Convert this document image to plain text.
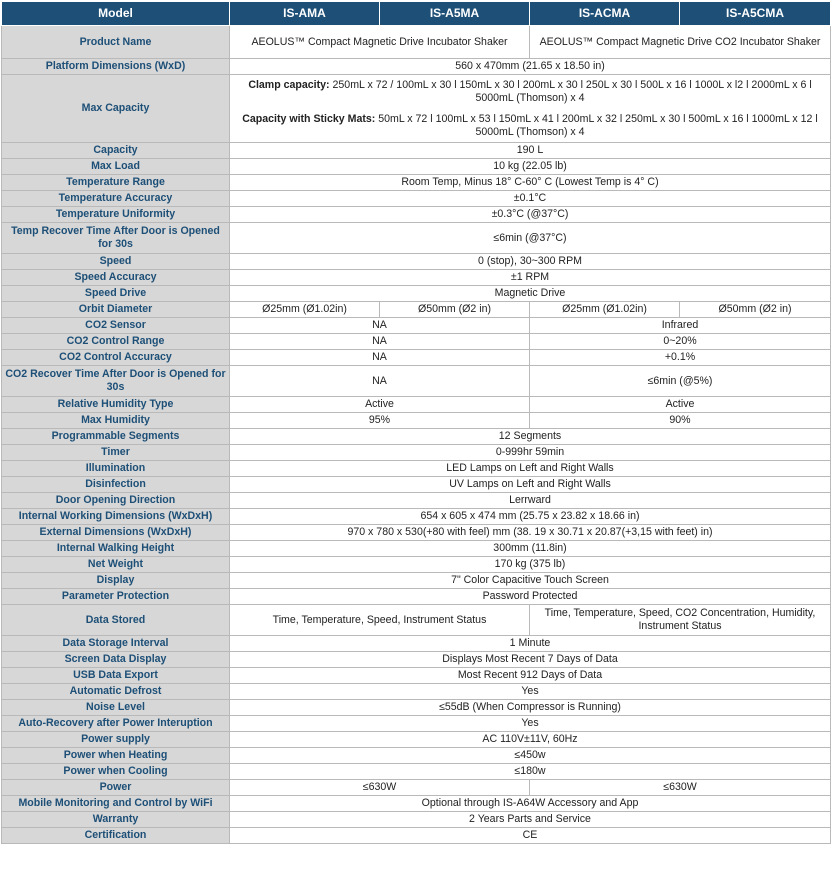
Model	IS-AMA	IS-A5MA	IS-ACMA	IS-A5CMA
Product Name	AEOLUS™ Compact Magnetic Drive Incubator Shaker		AEOLUS™ Compact Magnetic Drive CO2 Incubator Shaker	
Platform Dimensions (WxD)	560 x 470mm (21.65 x 18.50 in)			
Max Capacity	Clamp capacity: 250mL x 72 / 100mL x 30 l 150mL x 30 l 200mL x 30 l 250L x 30 l 500L x 16 l 1000L x l2 l 2000mL x 6 l 5000mL (Thomson) x 4
Capacity with Sticky Mats: 50mL x 72 l 100mL x 53 l 150mL x 41 l 200mL x 32 l 250mL x 30 l 500mL x 16 l 1000mL x 12 l 5000mL (Thomson) x 4			

Capacity	190 L			
Max Load	10 kg (22.05 lb)			
Temperature Range	Room Temp, Minus 18° C-60° C (Lowest Temp is 4° C)			
Temperature Accuracy	±0.1°C			
Temperature Uniformity	±0.3°C (@37°C)			
Temp Recover Time After Door is Opened for 30s	≤6min (@37°C)			
Speed	0 (stop), 30~300 RPM			
Speed Accuracy	±1 RPM			
Speed Drive	Magnetic Drive			
Orbit Diameter	Ø25mm (Ø1.02in)	Ø50mm (Ø2 in)	Ø25mm (Ø1.02in)	Ø50mm (Ø2 in)
CO2 Sensor	NA		Infrared	
CO2 Control Range	NA		0~20%	
CO2 Control Accuracy	NA		+0.1%	
CO2 Recover Time After Door is Opened for 30s	NA		≤6min (@5%)	
Relative Humidity Type	Active		Active	
Max Humidity	95%		90%	
Programmable Segments	12 Segments			
Timer	0-999hr 59min			
Illumination	LED Lamps on Left and Right Walls			
Disinfection	UV Lamps on Left and Right Walls			
Door Opening Direction	Lerrward			
Internal Working Dimensions (WxDxH)	654 x 605 x 474 mm (25.75 x 23.82 x 18.66 in)			
External Dimensions (WxDxH)	970 x 780 x 530(+80 with feel) mm (38. 19 x 30.71 x 20.87(+3,15 with feet) in)			
Internal Walking Height	300mm (11.8in)			
Net Weight	170 kg (375 lb)			
Display	7" Color Capacitive Touch Screen			
Parameter Protection	Password Protected			
Data Stored	Time, Temperature, Speed, Instrument Status		Time, Temperature, Speed, CO2 Concentration, Humidity, Instrument Status	
Data Storage Interval	1 Minute			
Screen Data Display	Displays Most Recent 7 Days of Data			
USB Data Export	Most Recent 912 Days of Data			
Automatic Defrost	Yes			
Noise Level	≤55dB (When Compressor is Running)			
Auto-Recovery after Power Interuption	Yes			
Power supply	AC 110V±11V, 60Hz			
Power when Heating	≤450w			
Power when Cooling	≤180w			
Power	≤630W		≤630W	
Mobile Monitoring and Control by WiFi	Optional through IS-A64W Accessory and App			
Warranty	2 Years Parts and Service			
Certification	CE			
